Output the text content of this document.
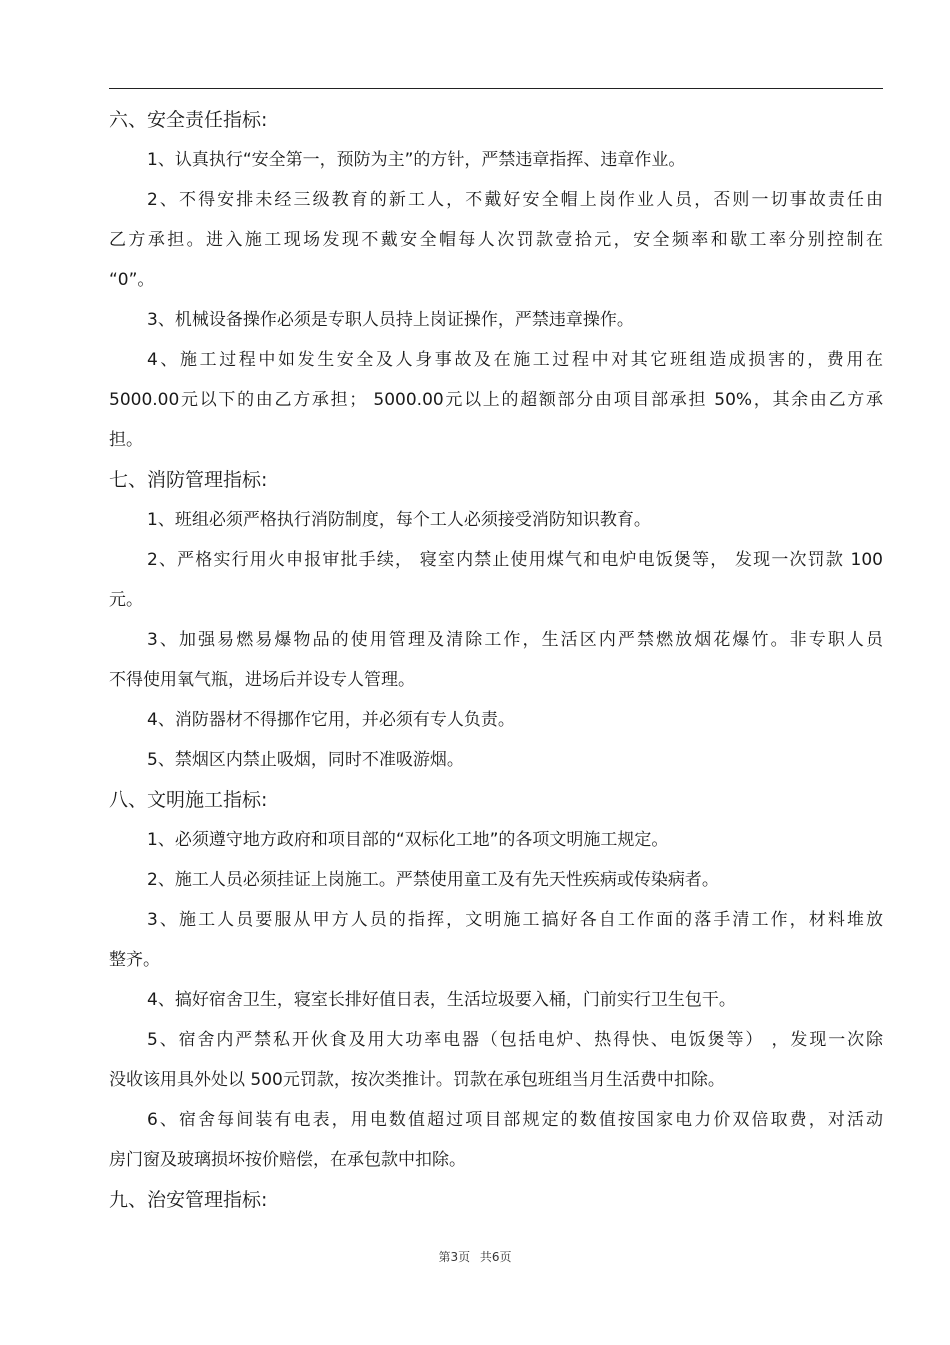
六、安全责任指标:
1、认真执行“安全第一，预防为主”的方针，严禁违章指挥、违章作业。
2、不得安排未经三级教育的新工人，不戴好安全帽上岗作业人员，否则一切事故责任由
乙方承担。进入施工现场发现不戴安全帽每人次罚款壹拾元，安全频率和歇工率分别控制在
“0”。
3、机械设备操作必须是专职人员持上岗证操作，严禁违章操作。
4、施工过程中如发生安全及人身事故及在施工过程中对其它班组造成损害的，费用在
5000.00元以下的由乙方承担； 5000.00元以上的超额部分由项目部承担 50%，其余由乙方承
担。
七、消防管理指标:
1、班组必须严格执行消防制度，每个工人必须接受消防知识教育。
2、严格实行用火申报审批手续， 寝室内禁止使用煤气和电炉电饭煲等， 发现一次罚款 100
元。
3、加强易燃易爆物品的使用管理及清除工作，生活区内严禁燃放烟花爆竹。非专职人员
不得使用氧气瓶，进场后并设专人管理。
4、消防器材不得挪作它用，并必须有专人负责。
5、禁烟区内禁止吸烟，同时不准吸游烟。
八、文明施工指标:
1、必须遵守地方政府和项目部的“双标化工地”的各项文明施工规定。
2、施工人员必须挂证上岗施工。严禁使用童工及有先天性疾病或传染病者。
3、施工人员要服从甲方人员的指挥，文明施工搞好各自工作面的落手清工作，材料堆放
整齐。
4、搞好宿舍卫生，寝室长排好值日表，生活垃圾要入桶，门前实行卫生包干。
5、宿舍内严禁私开伙食及用大功率电器（包括电炉、热得快、电饭煲等） ，发现一次除
没收该用具外处以 500元罚款，按次类推计。罚款在承包班组当月生活费中扣除。
6、宿舍每间装有电表，用电数值超过项目部规定的数值按国家电力价双倍取费，对活动
房门窗及玻璃损坏按价赔偿，在承包款中扣除。
九、治安管理指标:
第3页 共6页
